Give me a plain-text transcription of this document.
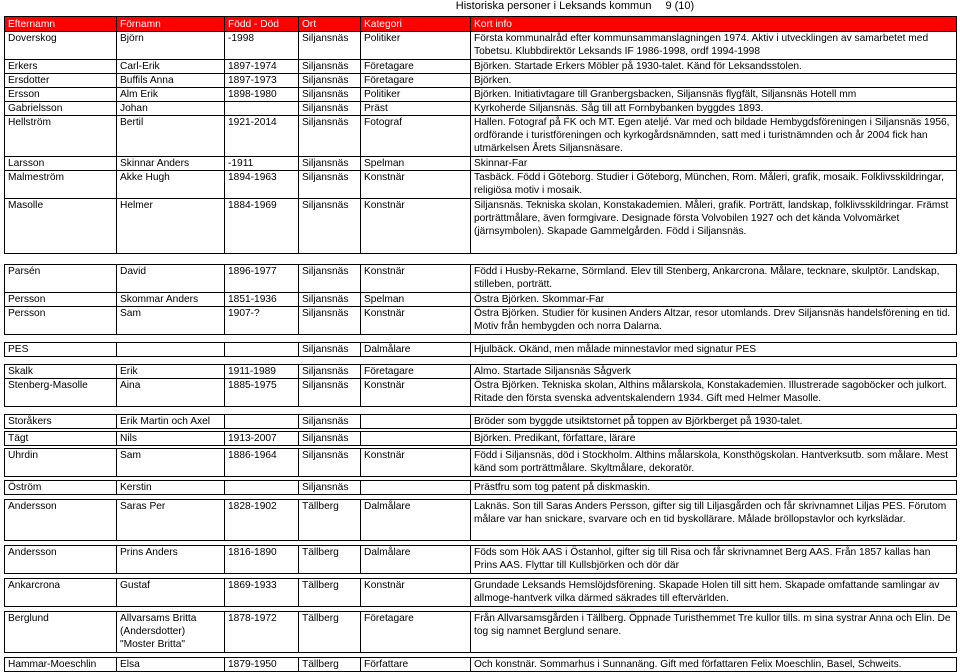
Historiska personer i Leksands kommun 9 (10)
Efternamn	Förnamn	Född - Död	Ort	Kategori	Kort info
Doverskog	Björn	-1998	Siljansnäs	Politiker	Första kommunalråd efter kommunsammanslagningen 1974. Aktiv i utvecklingen av samarbetet med Tobetsu. Klubbdirektör Leksands IF 1986-1998, ordf 1994-1998
Erkers	Carl-Erik	1897-1974	Siljansnäs	Företagare	Björken. Startade Erkers Möbler på 1930-talet. Känd för Leksandsstolen.
Ersdotter	Buffils Anna	1897-1973	Siljansnäs	Företagare	Björken.
Ersson	Alm Erik	1898-1980	Siljansnäs	Politiker	Björken. Initiativtagare till Granbergsbacken, Siljansnäs flygfält, Siljansnäs Hotell mm
Gabrielsson	Johan		Siljansnäs	Präst	Kyrkoherde Siljansnäs. Såg till att Fornbybanken byggdes 1893.
Hellström	Bertil	1921-2014	Siljansnäs	Fotograf	Hallen. Fotograf på FK och MT. Egen ateljé. Var med och bildade Hembygdsföreningen i Siljansnäs 1956, ordförande i turistföreningen och kyrkogårdsnämnden, satt med i turistnämnden och år 2004 fick han utmärkelsen Årets Siljansnäsare.
Larsson	Skinnar Anders	-1911	Siljansnäs	Spelman	Skinnar-Far
Malmeström	Akke Hugh	1894-1963	Siljansnäs	Konstnär	Tasbäck. Född i Göteborg. Studier i Göteborg, München, Rom. Måleri, grafik, mosaik. Folklivsskildringar, religiösa motiv i mosaik.
Masolle	Helmer	1884-1969	Siljansnäs	Konstnär	Siljansnäs. Tekniska skolan, Konstakademien. Måleri, grafik. Porträtt, landskap, folklivsskildringar. Främst porträttmålare, även formgivare. Designade första Volvobilen 1927 och det kända Volvomärket (järnsymbolen). Skapade Gammelgården. Född i Siljansnäs.

Parsén	David	1896-1977	Siljansnäs	Konstnär	Född i Husby-Rekarne, Sörmland. Elev till Stenberg, Ankarcrona. Målare, tecknare, skulptör. Landskap, stilleben, porträtt.
Persson	Skommar Anders	1851-1936	Siljansnäs	Spelman	Östra Björken. Skommar-Far
Persson	Sam	1907-?	Siljansnäs	Konstnär	Östra Björken. Studier för kusinen Anders Altzar, resor utomlands. Drev Siljansnäs handelsförening en tid. Motiv från hembygden och norra Dalarna.

PES			Siljansnäs	Dalmålare	Hjulbäck. Okänd, men målade minnestavlor med signatur PES

Skalk	Erik	1911-1989	Siljansnäs	Företagare	Almo. Startade Siljansnäs Sågverk
Stenberg-Masolle	Aina	1885-1975	Siljansnäs	Konstnär	Östra Björken. Tekniska skolan, Althins målarskola, Konstakademien. Illustrerade sagoböcker och julkort. Ritade den första svenska adventskalendern 1934. Gift med Helmer Masolle.

Storåkers	Erik Martin och Axel		Siljansnäs		Bröder som byggde utsiktstornet på toppen av Björkberget på 1930-talet.

Tägt	Nils	1913-2007	Siljansnäs		Björken. Predikant, författare, lärare

Uhrdin	Sam	1886-1964	Siljansnäs	Konstnär	Född i Siljansnäs, död i Stockholm. Althins målarskola, Konsthögskolan. Hantverksutb. som målare. Mest känd som porträttmålare. Skyltmålare, dekoratör.

Öström	Kerstin		Siljansnäs		Prästfru som tog patent på diskmaskin.

Andersson	Saras Per	1828-1902	Tällberg	Dalmålare	Laknäs. Son till Saras Anders Persson, gifter sig till Liljasgården och får skrivnamnet Liljas PES. Förutom målare var han snickare, svarvare och en tid byskollärare. Målade bröllopstavlor och kyrkslädar.

Andersson	Prins Anders	1816-1890	Tällberg	Dalmålare	Föds som Hök AAS i Östanhol, gifter sig till Risa och får skrivnamnet Berg AAS. Från 1857 kallas han Prins AAS. Flyttar till Kullsbjörken och dör där

Ankarcrona	Gustaf	1869-1933	Tällberg	Konstnär	Grundade Leksands Hemslöjdsförening. Skapade Holen till sitt hem. Skapade omfattande samlingar av allmoge-hantverk vilka därmed säkrades till eftervärlden.

Berglund	Allvarsams Britta (Andersdotter) "Moster Britta"	1878-1972	Tällberg	Företagare	Från Allvarsamsgården i Tällberg. Öppnade Turisthemmet Tre kullor tills. m sina systrar Anna och Elin. De tog sig namnet Berglund senare.

Hammar-Moeschlin	Elsa	1879-1950	Tällberg	Författare	Och konstnär. Sommarhus i Sunnanäng. Gift med författaren Felix Moeschlin, Basel, Schweits.
